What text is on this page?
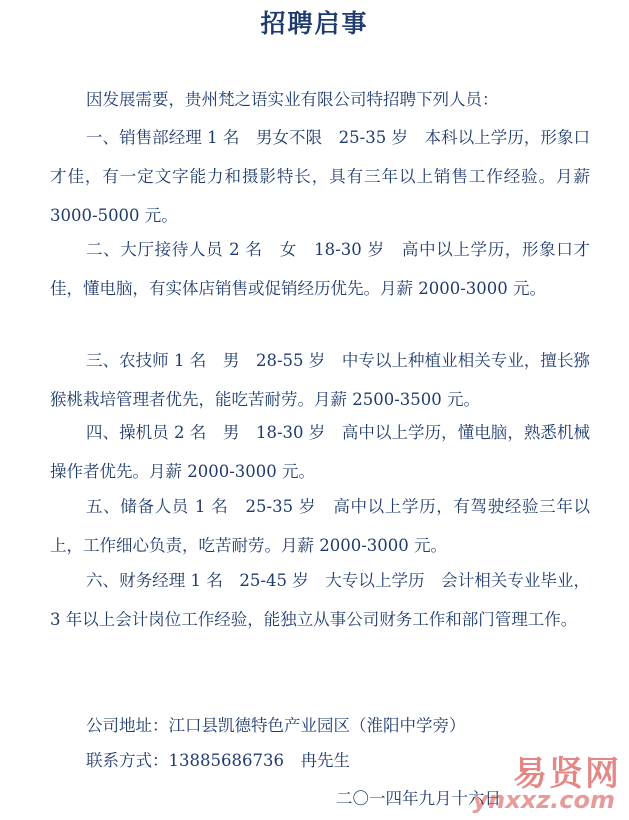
招聘启事

因发展需要，贵州梵之语实业有限公司特招聘下列人员：

一、销售部经理 1 名　男女不限　25-35 岁　本科以上学历，形象口才佳，有一定文字能力和摄影特长，具有三年以上销售工作经验。月薪 3000-5000 元。

二、大厅接待人员 2 名　女　18-30 岁　高中以上学历，形象口才佳，懂电脑，有实体店销售或促销经历优先。月薪 2000-3000 元。

三、农技师 1 名　男　28-55 岁　中专以上种植业相关专业，擅长猕猴桃栽培管理者优先，能吃苦耐劳。月薪 2500-3500 元。

四、操机员 2 名　男　18-30 岁　高中以上学历，懂电脑，熟悉机械操作者优先。月薪 2000-3000 元。

五、储备人员 1 名　25-35 岁　高中以上学历，有驾驶经验三年以上，工作细心负责，吃苦耐劳。月薪 2000-3000 元。

六、财务经理 1 名　25-45 岁　大专以上学历　会计相关专业毕业，3 年以上会计岗位工作经验，能独立从事公司财务工作和部门管理工作。

公司地址：江口县凯德特色产业园区（淮阳中学旁）

联系方式：13885686736　冉先生

二〇一四年九月十六日

易贤网
ynxxz.com
